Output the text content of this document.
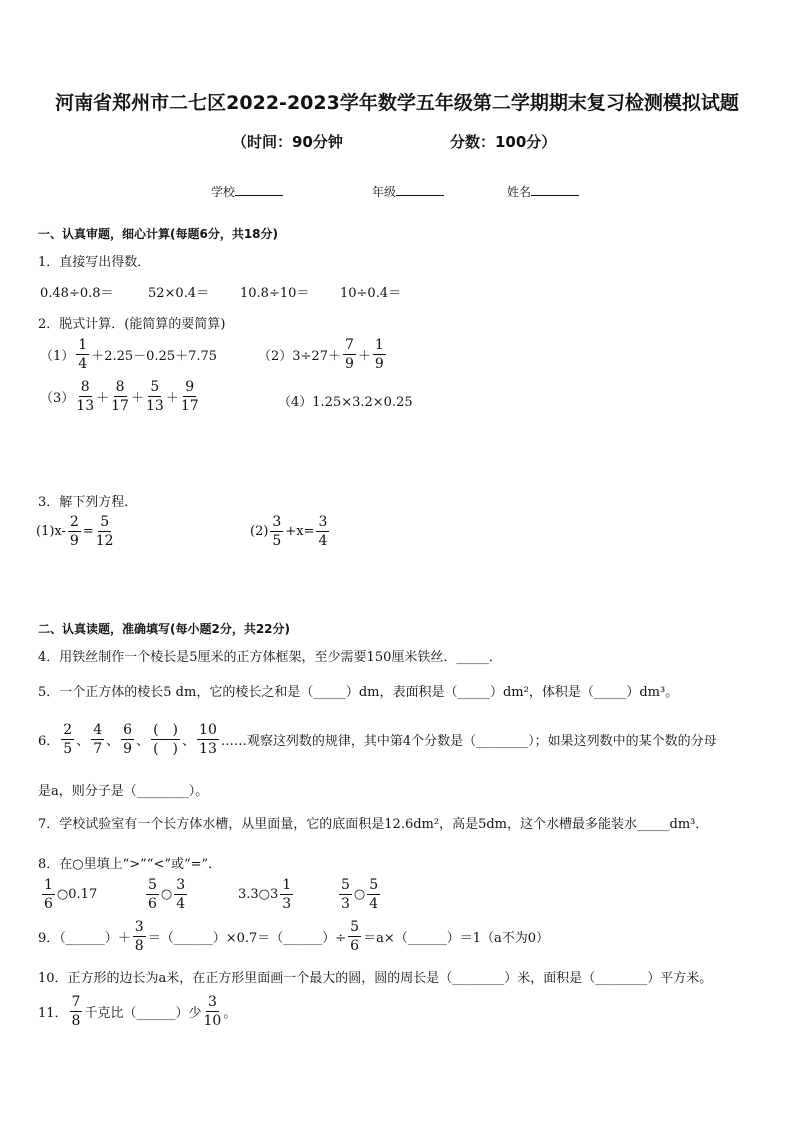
河南省郑州市二七区2022-2023学年数学五年级第二学期期末复习检测模拟试题
（时间：90分钟	分数：100分）
学校	年级	姓名
一、认真审题，细心计算(每题6分，共18分)
1．直接写出得数．
0.48÷0.8＝	52×0.4＝ 10.8÷10＝ 10÷0.4＝
2．脱式计算．(能简算的要简算)
$(1) \frac{1}{4} +2.25-0.25+7.75$	$(2)3\div 27+ \frac{7}{9} + \frac{1}{9}$
$(3) \frac{8}{13} + \frac{8}{17} + \frac{5}{13} + \frac{9}{17}$	（4）1.25×3.2×0.25
3．解下列方程．
$(1)x- \frac{2}{9} = \frac{5}{12}$	$(2) \frac{3}{5} +x= \frac{3}{4}$
二、认真读题，准确填写(每小题2分，共22分)
4．用铁丝制作一个棱长是5厘米的正方体框架，至少需要150厘米铁丝．_____．
5．一个正方体的棱长5 dm，它的棱长之和是（_____）dm，表面积是（_____）dm²，体积是（_____）dm³。
6． $\frac{2}{5}$ 、 $\frac{4}{7}$ 、 $\frac{6}{9}$ 、 $\frac{( )}{( )}$ 、 $\frac{10}{13}$ ……观察这列数的规律，其中第4个分数是（________）；如果这列数中的某个数的分母
是a，则分子是（________）。
7．学校试验室有一个长方体水槽，从里面量，它的底面积是12.6dm²，高是5dm，这个水槽最多能装水_____dm³．
8．在○里填上“>”“<”或“=”．
$\frac{1}{6}$ ○0.17	$\frac{5}{6}$ ○ $\frac{3}{4}$	3.3○3 $\frac{1}{3}$	$\frac{5}{3}$ ○ $\frac{5}{4}$
9．（______）＋ $\frac{3}{8}$ ＝（______）×0.7＝（______）÷ $\frac{5}{6}$ ＝a×（______）＝1（a不为0）
10．正方形的边长为a米，在正方形里面画一个最大的圆，圆的周长是（________）米，面积是（________）平方米。
11． $\frac{7}{8}$ 千克比（______）少 $\frac{3}{10}$ 。
